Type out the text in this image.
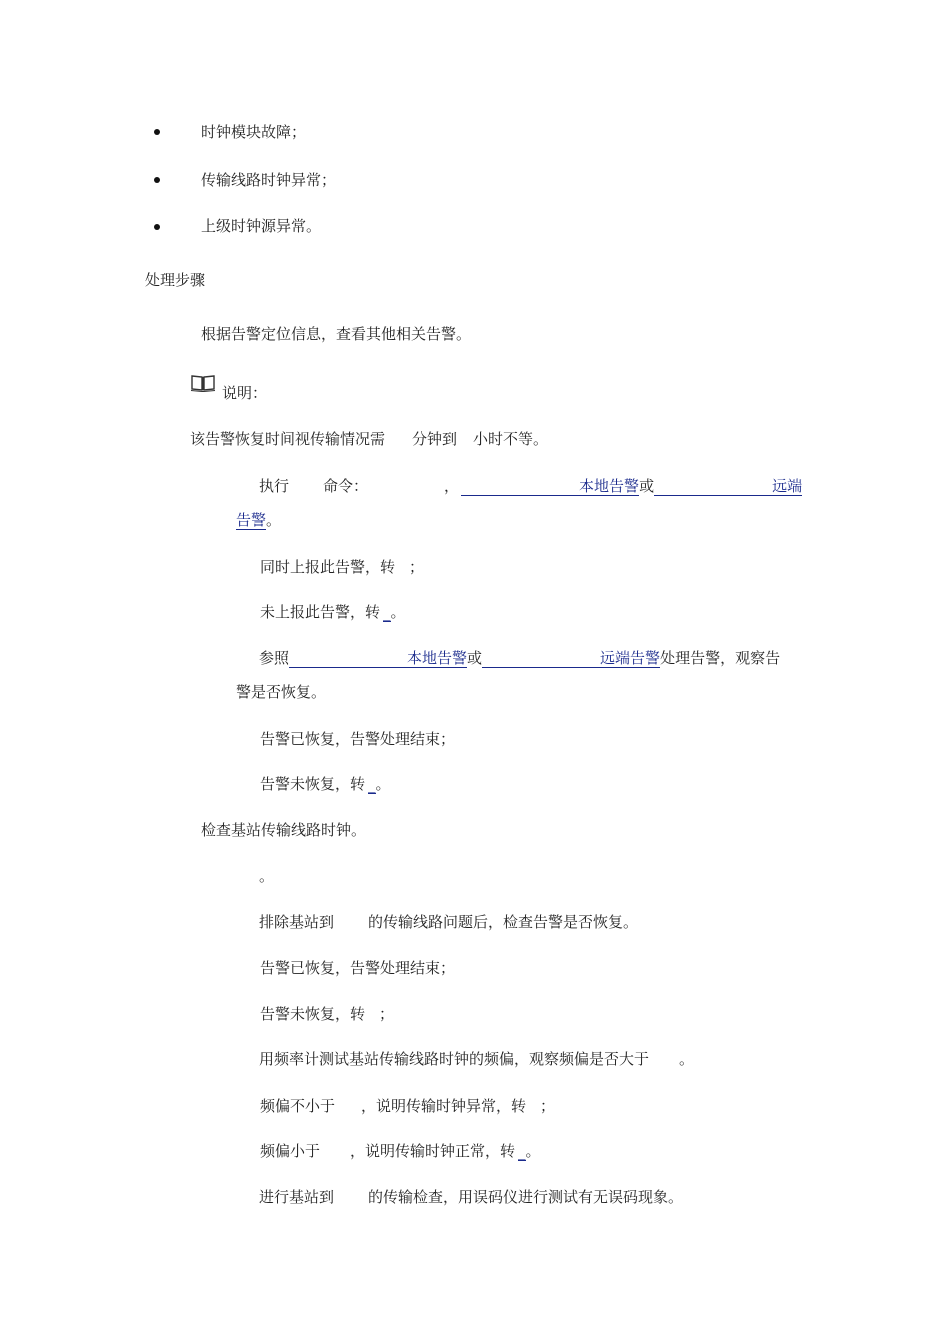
时钟模块故障；
传输线路时钟异常；
上级时钟源异常。
处理步骤
根据告警定位信息，查看其他相关告警。
说明：
该告警恢复时间视传输情况需 分钟到 小时不等。
执行 命令：	，	本地告警或	远端
告警。
同时上报此告警，转 ；
未上报此告警，转 _。
参照	本地告警或	远端告警处理告警，观察告
警是否恢复。
告警已恢复，告警处理结束；
告警未恢复，转 _。
检查基站传输线路时钟。
。
排除基站到 的传输线路问题后，检查告警是否恢复。
告警已恢复，告警处理结束；
告警未恢复，转 ；
用频率计测试基站传输线路时钟的频偏，观察频偏是否大于 。
频偏不小于 ，说明传输时钟异常，转 ；
频偏小于 ，说明传输时钟正常，转 _。
进行基站到 的传输检查，用误码仪进行测试有无误码现象。
